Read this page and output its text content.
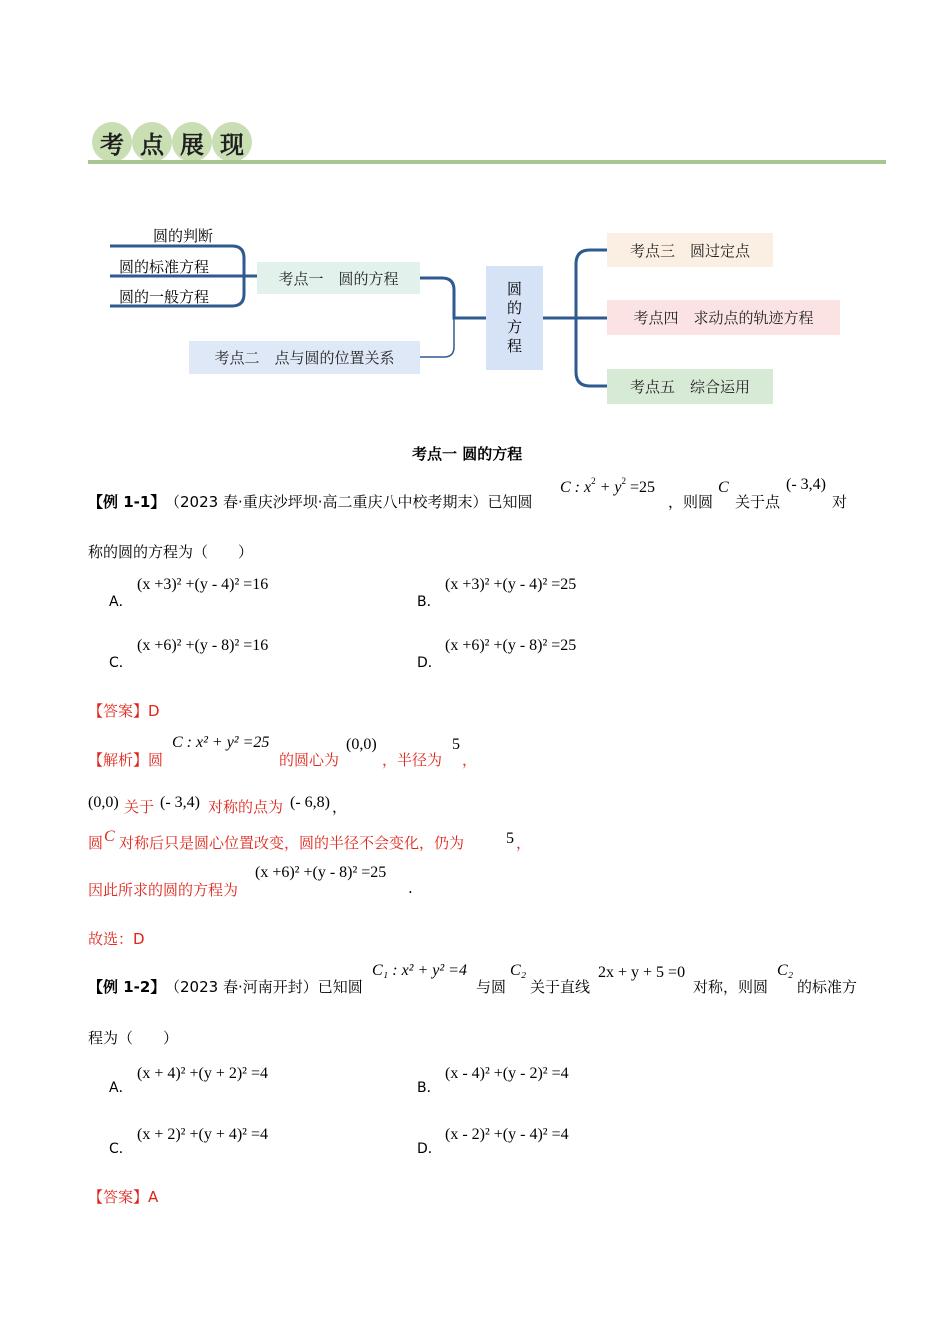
考 点 展 现
圆的判断
圆的标准方程
圆的一般方程
考点一　圆的方程
考点二　点与圆的位置关系
圆
的
方
程
考点三　圆过定点
考点四　求动点的轨迹方程
考点五　综合运用
考点一 圆的方程
【例 1-1】 （2023 春·重庆沙坪坝·高二重庆八中校考期末）已知圆
C : $x^2 + y^2 =25$
，则圆
C
关于点
(- 3,4)
对
称的圆的方程为（　　）
A．
(x +3)² +(y - 4)² =16
B．
(x +3)² +(y - 4)² =25
C．
(x +6)² +(y - 8)² =16
D．
(x +6)² +(y - 8)² =25
【答案】D
【解析】圆
C : x² + y² =25
的圆心为
(0,0)
，半径为
5
，
(0,0) 关于 (- 3,4) 对称的点为 (- 6,8) ，
圆 C 对称后只是圆心位置改变，圆的半径不会变化，仍为	5 ，
因此所求的圆的方程为
(x +6)² +(y - 8)² =25
.
故选：D
【例 1-2】 （2023 春·河南开封）已知圆
C₁ : x² + y² =4
与圆
C₂
关于直线
2x + y + 5 =0
对称，则圆
C₂
的标准方
程为（　　）
A．
(x + 4)² +(y + 2)² =4
B．
(x - 4)² +(y - 2)² =4
C．
(x + 2)² +(y + 4)² =4
D．
(x - 2)² +(y - 4)² =4
【答案】A
